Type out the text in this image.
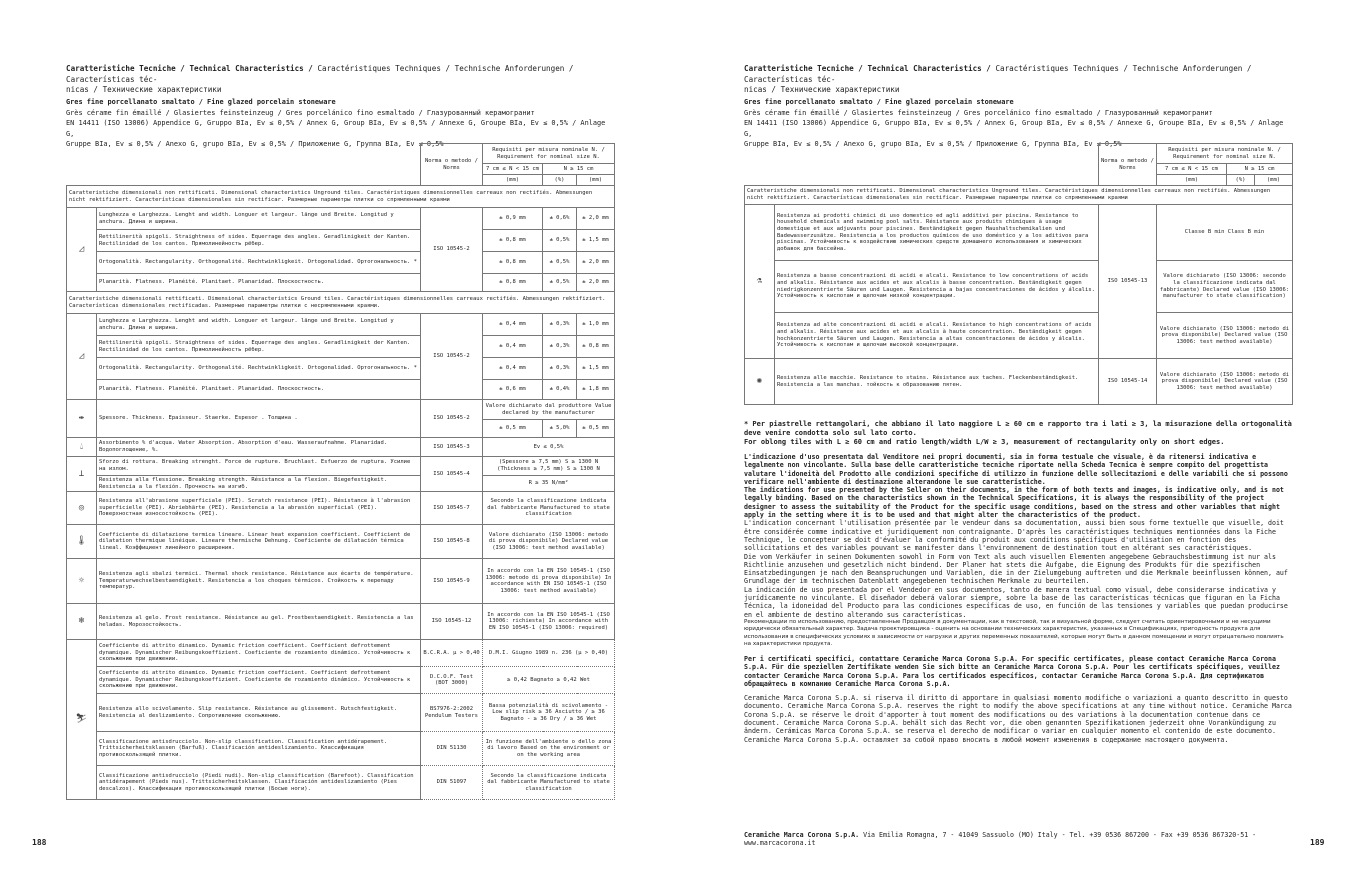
Caratteristiche Tecniche / Technical Characteristics / Caractéristiques Techniques / Technische Anforderungen / Características téc-
nicas / Технические характеристики
Gres fine porcellanato smaltato / Fine glazed porcelain stoneware
Grès cérame fin émaillé / Glasiertes feinsteinzeug / Gres porcelánico fino esmaltado / Глазурованный керамогранит
EN 14411 (ISO 13006) Appendice G, Gruppo BIa, Ev ≤ 0,5% / Annex G, Group BIa, Ev ≤ 0,5% / Annexe G, Groupe BIa, Ev ≤ 0,5% / Anlage G,
Gruppe BIa, Ev ≤ 0,5% / Anexo G, grupo BIa, Ev ≤ 0,5% / Приложение G, Группа BIa, Ev ≤ 0,5%
		Norma o metodo / Norms	Requisiti per misura nominale N. / Requirement for nominal size N.		
			7 cm ≤ N < 15 cm	N ≥ 15 cm	
			(mm)	(%)	(mm)
Caratteristiche dimensionali non rettificati. Dimensional characteristics Unground tiles. Caractéristiques dimensionnelles carreaux non rectifiés. Abmessungen nicht rektifiziert. Características dimensionales sin rectificar. Размерные параметры плитки со спрямленными краями					
◿	Lunghezza e Larghezza. Lenght and width. Longuer et largeur. länge und Breite. Longitud y anchura. Длина и ширина.	ISO 10545-2	± 0,9 mm	± 0,6%	± 2,0 mm
	Rettilinerità spigoli. Straightness of sides. Equerrage des angles. Geradlinigkeit der Kanten. Rectilinidad de los cantos. Прямолинейность рёбер.		± 0,8 mm	± 0,5%	± 1,5 mm
	Ortogonalità. Rectangularity. Orthogonalité. Rechtwinkligkeit. Ortogonalidad. Ортогональность. *		± 0,8 mm	± 0,5%	± 2,0 mm
	Planarità. Flatness. Planéité. Planitaet. Planaridad. Плоскостность.		± 0,8 mm	± 0,5%	± 2,0 mm
Caratteristiche dimensionali rettificati. Dimensional characteristics Ground tiles. Caractéristiques dimensionnelles carreaux rectifiés. Abmessungen rektifiziert. Características dimensionales rectificadas. Размерные параметры плитки с несрямленными краями.					
◿	Lunghezza e Larghezza. Lenght and width. Longuer et largeur. länge und Breite. Longitud y anchura. Длина и ширина.	ISO 10545-2	± 0,4 mm	± 0,3%	± 1,0 mm
	Rettilinerità spigoli. Straightness of sides. Equerrage des angles. Geradlinigkeit der Kanten. Rectilinidad de los cantos. Прямолинейность рёбер.		± 0,4 mm	± 0,3%	± 0,8 mm
	Ortogonalità. Rectangularity. Orthogonalité. Rechtwinkligkeit. Ortogonalidad. Ортогональность. *		± 0,4 mm	± 0,3%	± 1,5 mm
	Planarità. Flatness. Planéité. Planitaet. Planaridad. Плоскостность.		± 0,6 mm	± 0,4%	± 1,8 mm
⇹	Spessore. Thickness. Epaisseur. Staerke. Espesor . Толщина .	ISO 10545-2	Valore dichiarato dal produttore Value declared by the manufacturer		
			± 0,5 mm	± 5,0%	± 0,5 mm
💧︎	Assorbimento % d'acqua. Water Absorption. Absorption d'eau. Wasseraufnahme. Planaridad. Водопоглощение, %.	ISO 10545-3	Ev ≤ 0,5%		
⊥	Sforzo di rottura. Breaking strenght. Force de rupture. Bruchlast. Esfuerzo de ruptura. Усилие на излом.	ISO 10545-4	(Spessore ≥ 7,5 mm) S ≥ 1300 N (Thickness ≥ 7,5 mm) S ≥ 1300 N		
	Resistenza alla flessione. Breaking strength. Résistance a la flexion. Biegefestigkeit. Resistencia a la flexión. Прочность на изгиб.		R ≥ 35 N/mm²		
◎	Resistenza all'abrasione superficiale (PEI). Scratch resistance (PEI). Résistance à l'abrasion superficielle (PEI). Abriebhärte (PEI). Resistencia a la abrasión superficial (PEI). Поверхностная износостойкость (PEI).	ISO 10545-7	Secondo la classificazione indicata dal fabbricante Manufactured to state classification		
🌡︎	Coefficiente di dilatazione termica lineare. Linear heat expansion coefficient. Coefficient de dilatation thermique linéique. Lineare thermische Dehnung. Coeficiente de dilatación térmica lineal. Коэффициент линейного расширения.	ISO 10545-8	Valore dichiarato (ISO 13006: metodo di prova disponibile) Declared value (ISO 13006: test method available)		
☼	Resistenza agli sbalzi termici. Thermal shock resistance. Résistance aux écarts de température. Temperaturwechselbestaendigkeit. Resistencia a los choques térmicos. Стойкость к перепаду температур.	ISO 10545-9	In accordo con la EN ISO 10545-1 (ISO 13006: metodo di prova disponibile) In accordance with EN ISO 10545-1 (ISO 13006: test method available)		
❄	Resistenza al gelo. Frost resistance. Résistance au gel. Frostbestaendigkeit. Resistencia a las heladas. Морозостойкость.	ISO 10545-12	In accordo con la EN ISO 10545-1 (ISO 13006: richiesta) In accordance with EN ISO 10545-1 (ISO 13006: required)		
⛷︎	Coefficiente di attrito dinamico. Dynamic friction coefficient. Coefficient defrottement dynamique. Dynamischer Reibungskoeffizient. Coeficiente de rozamiento dinámico. Устойчивость к скольжению при движении.	B.C.R.A. µ > 0,40	D.M.I. Giugno 1989 n. 236 (µ > 0,40)		
	Coefficiente di attrito dinamico. Dynamic friction coefficient. Coefficient defrottement dynamique. Dynamischer Reibungskoeffizient. Coeficiente de rozamiento dinámico. Устойчивость к скольжению при движении.	D.C.O.F. Test (BOT 3000)	≥ 0,42 Bagnato ≥ 0,42 Wet		
	Resistenza allo scivolamento. Slip resistance. Résistance au glissement. Rutschfestigkeit. Resistencia al deslizamiento. Сопротивление скольжению.	BS7976-2:2002 Pendulum Testers	Bassa potenzialità di scivolamento - Low slip risk ≥ 36 Asciutto / ≥ 36 Bagnato - ≥ 36 Dry / ≥ 36 Wet		
	Classificazione antisdrucciolo. Non-slip classification. Classification antidérapement. Trittsicherheitsklassen (Barfuß). Clasificación antideslizamiento. Классификация противоскользящей плитки.	DIN 51130	In funzione dell'ambiente o dello zona di lavoro Based on the environment or on the working area		
	Classificazione antisdrucciolo (Piedi nudi). Non-slip classification (Barefoot). Classification antidérapement (Pieds nus). Trittsicherheitsklassen. Clasificación antideslizamiento (Pies descalzos). Классификация противоскользящей плитки (Босые ноги).	DIN 51097	Secondo la classificazione indicata dal fabbricante Manufactured to state classification		
188
Caratteristiche Tecniche / Technical Characteristics / Caractéristiques Techniques / Technische Anforderungen / Características téc-
nicas / Технические характеристики
Gres fine porcellanato smaltato / Fine glazed porcelain stoneware
Grès cérame fin émaillé / Glasiertes feinsteinzeug / Gres porcelánico fino esmaltado / Глазурованный керамогранит
EN 14411 (ISO 13006) Appendice G, Gruppo BIa, Ev ≤ 0,5% / Annex G, Group BIa, Ev ≤ 0,5% / Annexe G, Groupe BIa, Ev ≤ 0,5% / Anlage G,
Gruppe BIa, Ev ≤ 0,5% / Anexo G, grupo BIa, Ev ≤ 0,5% / Приложение G, Группа BIa, Ev ≤ 0,5%
		Norma o metodo / Norms	Requisiti per misura nominale N. / Requirement for nominal size N.		
			7 cm ≤ N < 15 cm	N ≥ 15 cm	
			(mm)	(%)	(mm)
Caratteristiche dimensionali non rettificati. Dimensional characteristics Unground tiles. Caractéristiques dimensionnelles carreaux non rectifiés. Abmessungen nicht rektifiziert. Características dimensionales sin rectificar. Размерные параметры плитки со спрямленными краями					
⚗	Resistenza ai prodotti chimici di uso domestico ed agli additivi per piscina. Resistance to household chemicals and swimming pool salts. Résistance aux produits chimiques à usage domestique et aux adjuvants pour piscines. Beständigkeit gegen Haushaltschemikalien und Badewasserzusätze. Resistencia a los productos químicos de uso doméstico y a los aditivos para piscinas. Устойчивость к воздействию химических средств домашнего использования и химических добавок для бассейна.	ISO 10545-13	Classe B min Class B min		
	Resistenza a basse concentrazioni di acidi e alcali. Resistance to low concentrations of acids and alkalis. Résistance aux acides et aux alcalis à basse concentration. Beständigkeit gegen niedrigkonzentrierte Säuren und Laugen. Resistencia a bajas concentraciones de ácidos y álcalis. Устойчивость к кислотам и щелочам низкой концентрации.		Valore dichiarato (ISO 13006: secondo la classificazione indicata dal fabbricante) Declared value (ISO 13006: manufacturer to state classification)		
	Resistenza ad alte concentrazioni di acidi e alcali. Resistance to high concentrations of acids and alkalis. Résistance aux acides et aux alcalis à haute concentration. Beständigkeit gegen hochkonzentrierte Säuren und Laugen. Resistencia a altas concentraciones de ácidos y álcalis. Устойчивость к кислотам и щелочам высокой концентрации.		Valore dichiarato (ISO 13006: metodo di prova disponibile) Declared value (ISO 13006: test method available)		
✺	Resistenza alle macchie. Resistance to stains. Résistance aux taches. Fleckenbeständigkeit. Resistencia a las manchas. тойкость к образованию пятен.	ISO 10545-14	Valore dichiarato (ISO 13006: metodo di prova disponibile) Declared value (ISO 13006: test method available)		

* Per piastrelle rettangolari, che abbiano il lato maggiore L ≥ 60 cm e rapporto tra i lati ≥ 3, la misurazione della ortogonalità deve venire condotta solo sul lato corto.

For oblong tiles with L ≥ 60 cm and ratio length/width L/W ≥ 3, measurement of rectangularity only on short edges.

L'indicazione d'uso presentata dal Venditore nei propri documenti, sia in forma testuale che visuale, è da ritenersi indicativa e legalmente non vincolante. Sulla base delle caratteristiche tecniche riportate nella Scheda Tecnica è sempre compito del progettista valutare l'idoneità del Prodotto alle condizioni specifiche di utilizzo in funzione delle sollecitazioni e delle variabili che si possono verificare nell'ambiente di destinazione alterandone le sue caratteristiche.

The indications for use presented by the Seller on their documents, in the form of both texts and images, is indicative only, and is not legally binding. Based on the characteristics shown in the Technical Specifications, it is always the responsibility of the project designer to assess the suitability of the Product for the specific usage conditions, based on the stress and other variables that might apply in the setting where it is to be used and that might alter the characteristics of the product.

L'indication concernant l'utilisation présentée par le vendeur dans sa documentation, aussi bien sous forme textuelle que visuelle, doit être considérée comme indicative et juridiquement non contraignante. D'après les caractéristiques techniques mentionnées dans la Fiche Technique, le concepteur se doit d'évaluer la conformité du produit aux conditions spécifiques d'utilisation en fonction des sollicitations et des variables pouvant se manifester dans l'environnement de destination tout en altérant ses caractéristiques.

Die vom Verkäufer in seinen Dokumenten sowohl in Form von Text als auch visuellen Elementen angegebene Gebrauchsbestimmung ist nur als Richtlinie anzusehen und gesetzlich nicht bindend. Der Planer hat stets die Aufgabe, die Eignung des Produkts für die spezifischen Einsatzbedingungen je nach den Beanspruchungen und Variablen, die in der Zielumgebung auftreten und die Merkmale beeinflussen können, auf Grundlage der im technischen Datenblatt angegebenen technischen Merkmale zu beurteilen.

La indicación de uso presentada por el Vendedor en sus documentos, tanto de manera textual como visual, debe considerarse indicativa y jurídicamente no vinculante. El diseñador deberá valorar siempre, sobre la base de las características técnicas que figuran en la Ficha Técnica, la idoneidad del Producto para las condiciones específicas de uso, en función de las tensiones y variables que puedan producirse en el ambiente de destino alterando sus características.

Рекомендации по использованию, предоставленные Продавцом в документации, как в текстовой, так и визуальной форме, следует считать ориентировочными и не несущими юридически обязательный характер. Задача проектировщика - оценить на основании технических характеристик, указанных в Спецификациях, пригодность продукта для использования в специфических условиях в зависимости от нагрузки и других переменных показателей, которые могут быть в данном помещении и могут отрицательно повлиять на характеристики продукта.

Per i certificati specifici, contattare Ceramiche Marca Corona S.p.A. For specific certificates, please contact Ceramiche Marca Corona S.p.A. Für die speziellen Zertifikate wenden Sie sich bitte an Ceramiche Marca Corona S.p.A. Pour les certificats spécifiques, veuillez contacter Ceramiche Marca Corona S.p.A. Para los certificados específicos, contactar Ceramiche Marca Corona S.p.A. Для сертификатов обращайтесь в компанию Ceramiche Marca Corona S.p.A.

Ceramiche Marca Corona S.p.A. si riserva il diritto di apportare in qualsiasi momento modifiche o variazioni a quanto descritto in questo documento. Ceramiche Marca Corona S.p.A. reserves the right to modify the above specifications at any time without notice. Ceramiche Marca Corona S.p.A. se réserve le droit d'apporter à tout moment des modifications ou des variations à la documentation contenue dans ce document. Ceramiche Marca Corona S.p.A. behält sich das Recht vor, die oben genannten Spezifikationen jederzeit ohne Vorankündigung zu ändern. Cerámicas Marca Corona S.p.A. se reserva el derecho de modificar o variar en cualquier momento el contenido de este documento. Ceramiche Marca Corona S.p.A. оставляет за собой право вносить в любой момент изменения в содержание настоящего документа.

Ceramiche Marca Corona S.p.A. Via Emilia Romagna, 7 - 41049 Sassuolo (MO) Italy - Tel. +39 0536 867200 - Fax +39 0536 867320-51 - www.marcacorona.it	189
